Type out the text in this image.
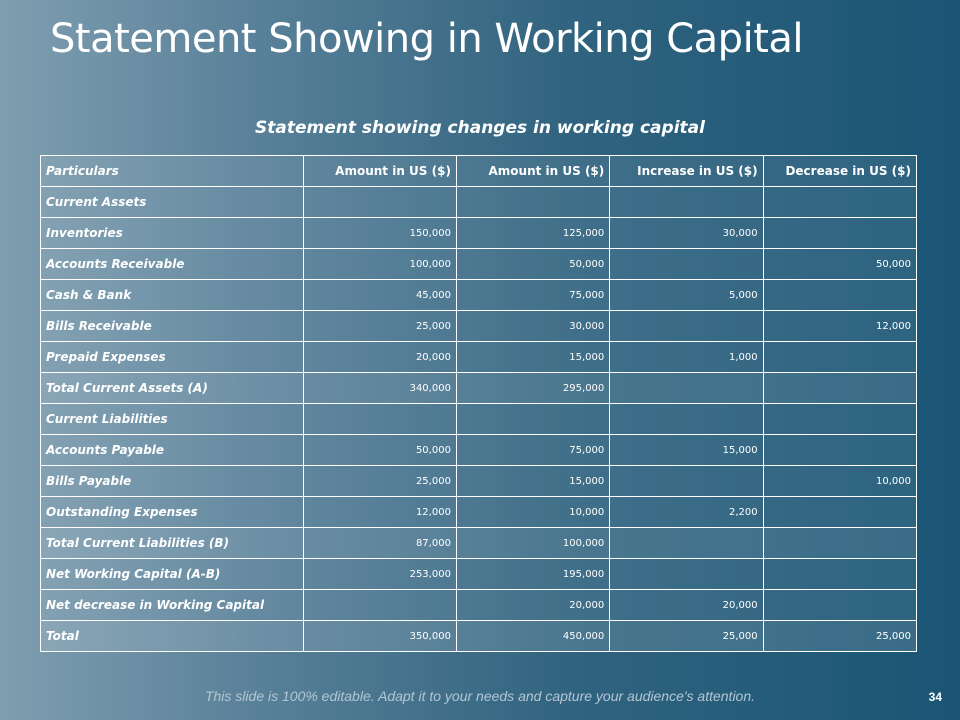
Statement Showing in Working Capital
Statement showing changes in working capital
Particulars	Amount in US ($)	Amount in US ($)	Increase in US ($)	Decrease in US ($)
Current Assets				
Inventories	150,000	125,000	30,000	
Accounts Receivable	100,000	50,000		50,000
Cash & Bank	45,000	75,000	5,000	
Bills Receivable	25,000	30,000		12,000
Prepaid Expenses	20,000	15,000	1,000	
Total Current Assets (A)	340,000	295,000		
Current Liabilities				
Accounts Payable	50,000	75,000	15,000	
Bills Payable	25,000	15,000		10,000
Outstanding Expenses	12,000	10,000	2,200	
Total Current Liabilities (B)	87,000	100,000		
Net Working Capital (A-B)	253,000	195,000		
Net decrease in Working Capital		20,000	20,000	
Total	350,000	450,000	25,000	25,000
This slide is 100% editable. Adapt it to your needs and capture your audience's attention.	34
